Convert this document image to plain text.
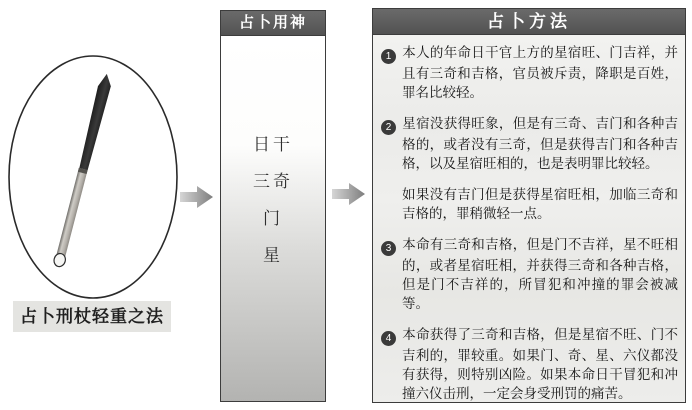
占卜刑杖轻重之法
占卜用神
日干
三奇
门
星
占卜方法

1 本人的年命日干官上方的星宿旺、门吉祥，并且有三奇和吉格，官员被斥责，降职是百姓，罪名比较轻。

2 星宿没获得旺象，但是有三奇、吉门和各种吉格的，或者没有三奇，但是获得吉门和各种吉格，以及星宿旺相的，也是表明罪比较轻。

如果没有吉门但是获得星宿旺相，加临三奇和吉格的，罪稍微轻一点。

3 本命有三奇和吉格，但是门不吉祥，星不旺相的，或者星宿旺相，并获得三奇和各种吉格，但是门不吉祥的，所冒犯和冲撞的罪会被减等。

4 本命获得了三奇和吉格，但是星宿不旺、门不吉利的，罪较重。如果门、奇、星、六仪都没有获得，则特别凶险。如果本命日干冒犯和冲撞六仪击刑，一定会身受刑罚的痛苦。
